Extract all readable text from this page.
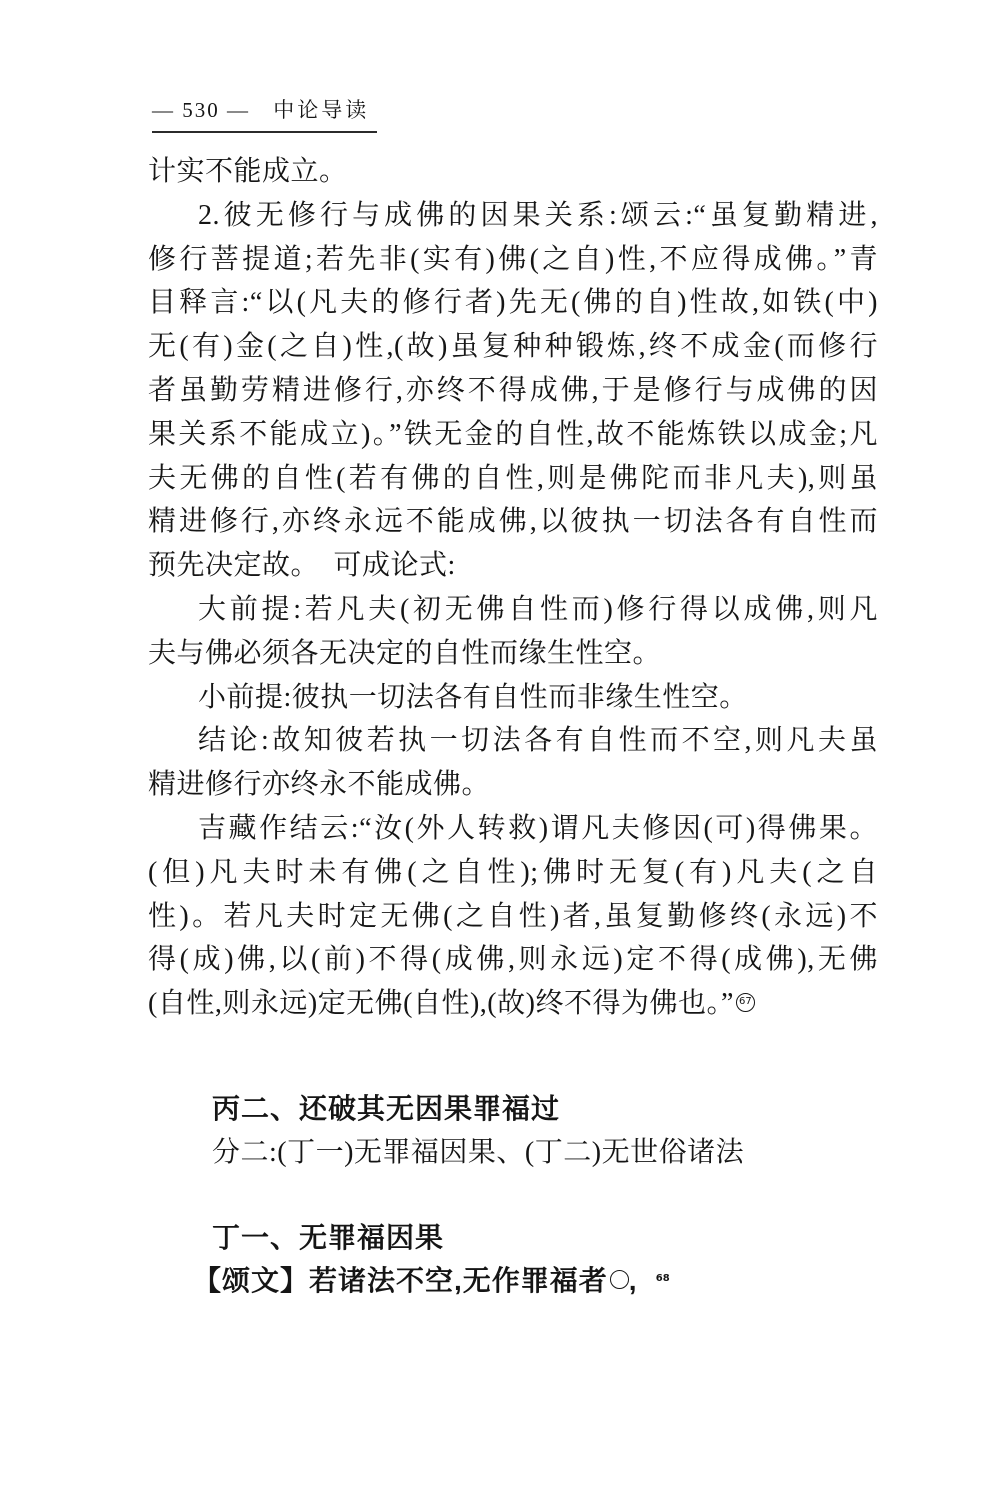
— 530 — 中论导读
计实不能成立。
2.彼无修行与成佛的因果关系:颂云:“虽复勤精进,
修行菩提道;若先非(实有)佛(之自)性,不应得成佛。”青
目释言:“以(凡夫的修行者)先无(佛的自)性故,如铁(中)
无(有)金(之自)性,(故)虽复种种锻炼,终不成金(而修行
者虽勤劳精进修行,亦终不得成佛,于是修行与成佛的因
果关系不能成立)。”铁无金的自性,故不能炼铁以成金;凡
夫无佛的自性(若有佛的自性,则是佛陀而非凡夫),则虽
精进修行,亦终永远不能成佛,以彼执一切法各有自性而
预先决定故。　可成论式:
大前提:若凡夫(初无佛自性而)修行得以成佛,则凡
夫与佛必须各无决定的自性而缘生性空。
小前提:彼执一切法各有自性而非缘生性空。
结论:故知彼若执一切法各有自性而不空,则凡夫虽
精进修行亦终永不能成佛。
吉藏作结云:“汝(外人转救)谓凡夫修因(可)得佛果。
(但)凡夫时未有佛(之自性);佛时无复(有)凡夫(之自
性)。若凡夫时定无佛(之自性)者,虽复勤修终(永远)不
得(成)佛,以(前)不得(成佛,则永远)定不得(成佛),无佛
(自性,则永远)定无佛(自性),(故)终不得为佛也。” 67
丙二、还破其无因果罪福过
分二:(丁一)无罪福因果、(丁二)无世俗诸法
丁一、无罪福因果
【颂文】若诸法不空,无作罪福者	68,
